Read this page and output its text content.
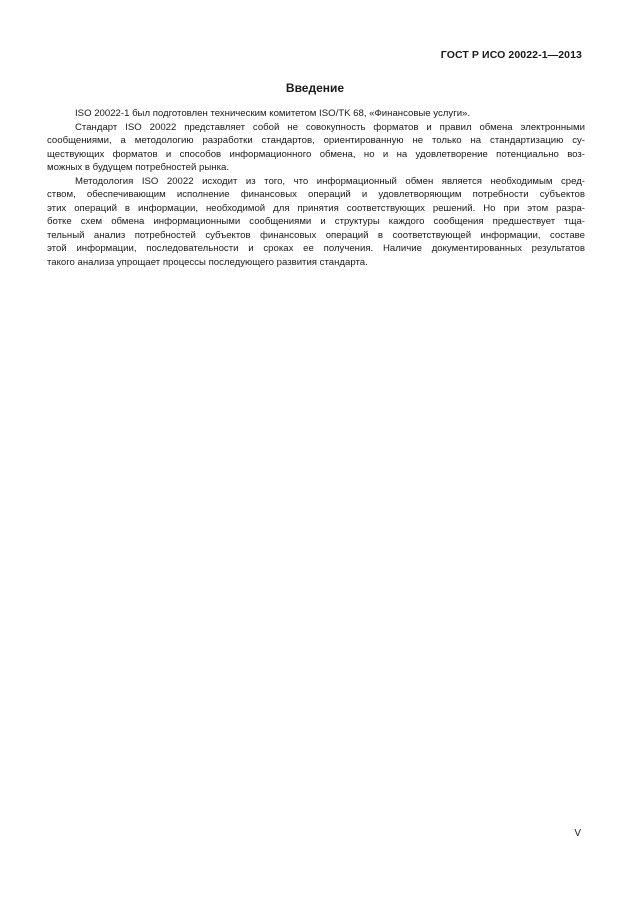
ГОСТ Р ИСО 20022-1—2013
Введение
ISO 20022-1 был подготовлен техническим комитетом ISO/TK 68, «Финансовые услуги».
Стандарт ISO 20022 представляет собой не совокупность форматов и правил обмена электронными
сообщениями, а методологию разработки стандартов, ориентированную не только на стандартизацию су-
ществующих форматов и способов информационного обмена, но и на удовлетворение потенциально воз-
можных в будущем потребностей рынка.
Методология ISO 20022 исходит из того, что информационный обмен является необходимым сред-
ством, обеспечивающим исполнение финансовых операций и удовлетворяющим потребности субъектов
этих операций в информации, необходимой для принятия соответствующих решений. Но при этом разра-
ботке схем обмена информационными сообщениями и структуры каждого сообщения предшествует тща-
тельный анализ потребностей субъектов финансовых операций в соответствующей информации, составе
этой информации, последовательности и сроках ее получения. Наличие документированных результатов
такого анализа упрощает процессы последующего развития стандарта.
V
